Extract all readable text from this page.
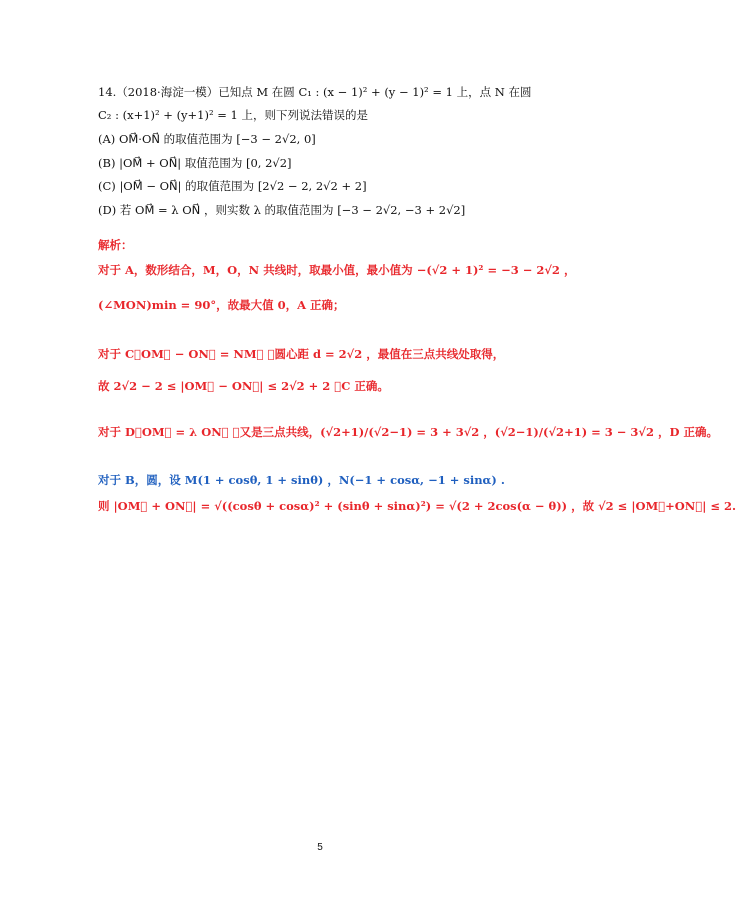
14.（2018·海淀一模）已知点 M 在圆 C₁ : (x − 1)² + (y − 1)² = 1 上，点 N 在圆
C₂ : (x+1)² + (y+1)² = 1 上，则下列说法错误的是
(A) OM⃗·ON⃗ 的取值范围为 [−3 − 2√2, 0]
(B) |OM⃗ + ON⃗| 取值范围为 [0, 2√2]
(C) |OM⃗ − ON⃗| 的取值范围为 [2√2 − 2, 2√2 + 2]
(D) 若 OM⃗ = λ ON⃗ ，则实数 λ 的取值范围为 [−3 − 2√2, −3 + 2√2]
解析：
对于 A，数形结合，M，O，N 共线时，取最小值，最小值为 −(√2 + 1)² = −3 − 2√2 ，
(∠MON)min = 90°，故最大值 0，A 正确；
对于 C，OM⃗ − ON⃗ = NM⃗ ，圆心距 d = 2√2 ，最值在三点共线处取得，
故 2√2 − 2 ≤ |OM⃗ − ON⃗| ≤ 2√2 + 2 ，C 正确。
对于 D，OM⃗ = λ ON⃗ ，又是三点共线，(√2+1)/(√2−1) = 3 + 3√2 ，(√2−1)/(√2+1) = 3 − 3√2 ，D 正确。
对于 B，圆，设 M(1 + cosθ, 1 + sinθ) ，N(−1 + cosα, −1 + sinα) .
则 |OM⃗ + ON⃗| = √((cosθ + cosα)² + (sinθ + sinα)²) = √(2 + 2cos(α − θ)) ，故 √2 ≤ |OM⃗+ON⃗| ≤ 2.
5
